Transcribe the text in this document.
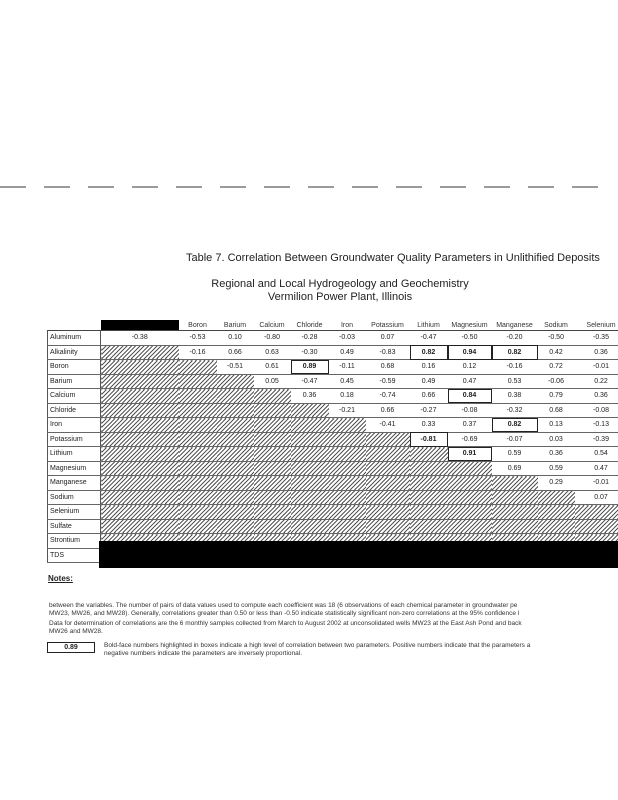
Table 7. Correlation Between Groundwater Quality Parameters in Unlithified Deposits
Regional and Local Hydrogeology and Geochemistry
Vermilion Power Plant, Illinois
		Boron	Barium	Calcium	Chloride	Iron	Potassium	Lithium	Magnesium	Manganese	Sodium	Selenium
Aluminum	-0.38	-0.53	0.10	-0.80	-0.28	-0.03	0.07	-0.47	-0.50	-0.20	-0.50	-0.35
Alkalinity		-0.16	0.66	0.63	-0.30	0.49	-0.83	0.82	0.94	0.82	0.42	0.36
Boron			-0.51	0.61	0.89	-0.11	0.68	0.16	0.12	-0.16	0.72	-0.01
Barium				0.05	-0.47	0.45	-0.59	0.49	0.47	0.53	-0.06	0.22
Calcium					0.36	0.18	-0.74	0.66	0.84	0.38	0.79	0.36
Chloride						-0.21	0.66	-0.27	-0.08	-0.32	0.68	-0.08
Iron							-0.41	0.33	0.37	0.82	0.13	-0.13
Potassium								-0.81	-0.69	-0.07	0.03	-0.39
Lithium									0.91	0.59	0.36	0.54
Magnesium										0.69	0.59	0.47
Manganese											0.29	-0.01
Sodium												0.07
Selenium												
Sulfate												
Strontium												
TDS												
Notes:
between the variables. The number of pairs of data values used to compute each coefficient was 18 (6 observations of each chemical parameter in groundwater pe
MW23, MW26, and MW28). Generally, correlations greater than 0.50 or less than -0.50 indicate statistically significant non-zero correlations at the 95% confidence l
Data for determination of correlations are the 6 monthly samples collected from March to August 2002 at unconsolidated wells MW23 at the East Ash Pond and back
MW26 and MW28.
0.89	Bold-face numbers highlighted in boxes indicate a high level of correlation between two parameters. Positive numbers indicate that the parameters a
negative numbers indicate the parameters are inversely proportional.
